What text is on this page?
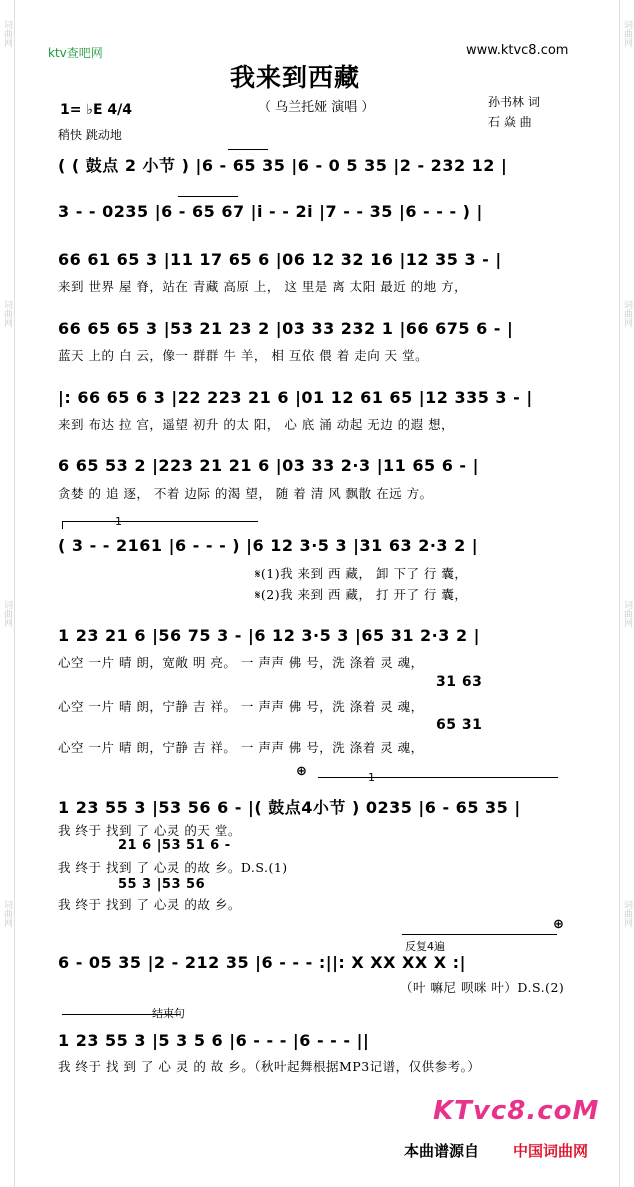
词曲网
词曲网
词曲网
词曲网
词曲网
词曲网
词曲网
词曲网
ktv查吧网	www.ktvc8.com
我来到西藏
（ 乌兰托娅 演唱 ）	孙书林 词
石 焱 曲
1= ♭E 4/4
稍快 跳动地
( ( 鼓点 2 小节 ) |6 - 65 35 |6 - 0 5 35 |2 - 232 12 |
3 - - 0235 |6 - 65 67 |i - - 2i |7 - - 35 |6 - - - ) |
66 61 65 3 |11 17 65 6 |06 12 32 16 |12 35 3 - |
来到 世界 屋 脊，站在 青藏 高原 上， 这 里是 离 太阳 最近 的地 方，
66 65 65 3 |53 21 23 2 |03 33 232 1 |66 675 6 - |
蓝天 上的 白 云，像一 群群 牛 羊， 相 互依 偎 着 走向 天 堂。
|: 66 65 6 3 |22 223 21 6 |01 12 61 65 |12 335 3 - |
来到 布达 拉 宫，遥望 初升 的太 阳， 心 底 涌 动起 无边 的遐 想，
6 65 53 2 |223 21 21 6 |03 33 2·3 |11 65 6 - |
贪婪 的 追 逐， 不着 边际 的渴 望， 随 着 清 风 飘散 在远 方。
1
( 3 - - 2161 |6 - - - ) |6 12 3·5 3 |31 63 2·3 2 |
𝄋(1)我 来到 西 藏， 卸 下了 行 囊，
𝄋(2)我 来到 西 藏， 打 开了 行 囊，
1 23 21 6 |56 75 3 - |6 12 3·5 3 |65 31 2·3 2 |
心空 一片 晴 朗，宽敞 明 亮。 一 声声 佛 号，洗 涤着 灵 魂，
31 63
心空 一片 晴 朗，宁静 吉 祥。 一 声声 佛 号，洗 涤着 灵 魂，
65 31
心空 一片 晴 朗，宁静 吉 祥。 一 声声 佛 号，洗 涤着 灵 魂，
⊕	1
1 23 55 3 |53 56 6 - |( 鼓点4小节 ) 0235 |6 - 65 35 |
我 终于 找到 了 心灵 的天 堂。
21 6 |53 51 6 -
我 终于 找到 了 心灵 的故 乡。D.S.(1)
55 3 |53 56
我 终于 找到 了 心灵 的故 乡。
⊕
反复4遍
6 - 05 35 |2 - 212 35 |6 - - - :||: X XX XX X :|
（叶 嘛尼 呗咪 叶）D.S.(2)
结束句
1 23 55 3 |5 3 5 6 |6 - - - |6 - - - ||
我 终于 找 到 了 心 灵 的 故 乡。（秋叶起舞根据MP3记谱，仅供参考。）
KTvc8.coM
本曲谱源自 中国词曲网
